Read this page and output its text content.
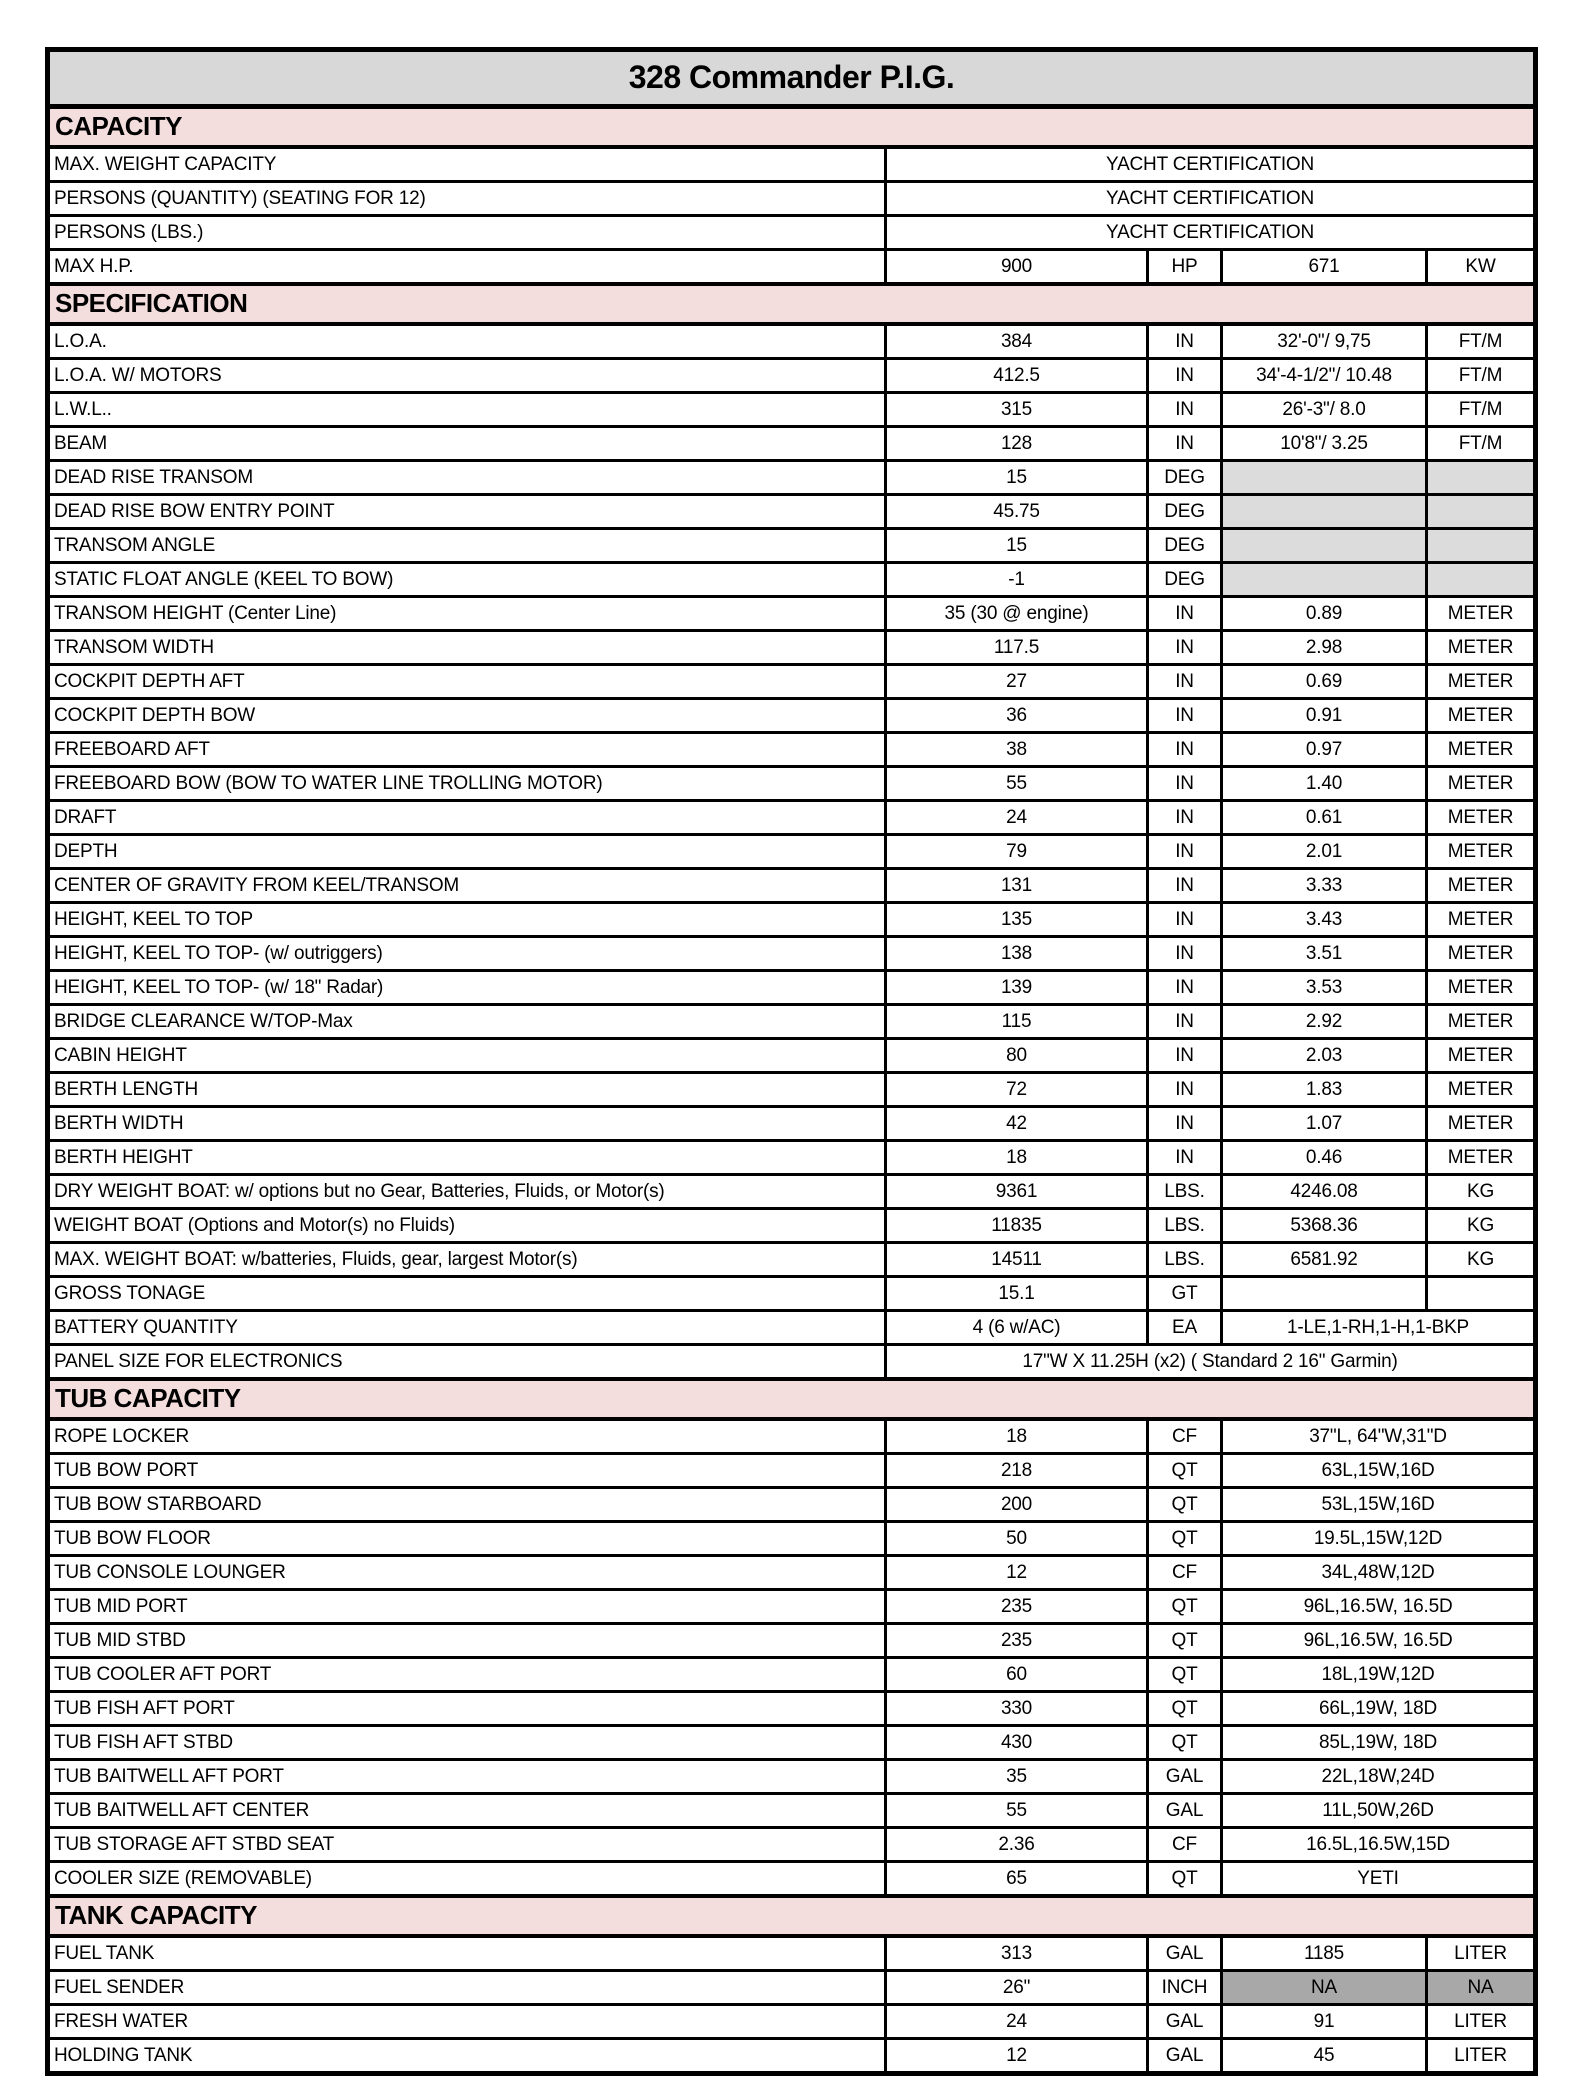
328 Commander P.I.G.				
CAPACITY				
MAX. WEIGHT CAPACITY	YACHT CERTIFICATION			
PERSONS (QUANTITY) (SEATING FOR 12)	YACHT CERTIFICATION			
PERSONS (LBS.)	YACHT CERTIFICATION			
MAX H.P.	900	HP	671	KW
SPECIFICATION				
L.O.A.	384	IN	32'-0"/ 9,75	FT/M
L.O.A. W/ MOTORS	412.5	IN	34'-4-1/2"/ 10.48	FT/M
L.W.L..	315	IN	26'-3"/ 8.0	FT/M
BEAM	128	IN	10'8"/ 3.25	FT/M
DEAD RISE TRANSOM	15	DEG		
DEAD RISE BOW ENTRY POINT	45.75	DEG		
TRANSOM ANGLE	15	DEG		
STATIC FLOAT ANGLE (KEEL TO BOW)	-1	DEG		
TRANSOM HEIGHT (Center Line)	35 (30 @ engine)	IN	0.89	METER
TRANSOM WIDTH	117.5	IN	2.98	METER
COCKPIT DEPTH AFT	27	IN	0.69	METER
COCKPIT DEPTH BOW	36	IN	0.91	METER
FREEBOARD AFT	38	IN	0.97	METER
FREEBOARD BOW (BOW TO WATER LINE TROLLING MOTOR)	55	IN	1.40	METER
DRAFT	24	IN	0.61	METER
DEPTH	79	IN	2.01	METER
CENTER OF GRAVITY FROM KEEL/TRANSOM	131	IN	3.33	METER
HEIGHT, KEEL TO TOP	135	IN	3.43	METER
HEIGHT, KEEL TO TOP- (w/ outriggers)	138	IN	3.51	METER
HEIGHT, KEEL TO TOP- (w/ 18" Radar)	139	IN	3.53	METER
BRIDGE CLEARANCE W/TOP-Max	115	IN	2.92	METER
CABIN HEIGHT	80	IN	2.03	METER
BERTH LENGTH	72	IN	1.83	METER
BERTH WIDTH	42	IN	1.07	METER
BERTH HEIGHT	18	IN	0.46	METER
DRY WEIGHT BOAT: w/ options but no Gear, Batteries, Fluids, or Motor(s)	9361	LBS.	4246.08	KG
WEIGHT BOAT (Options and Motor(s) no Fluids)	11835	LBS.	5368.36	KG
MAX. WEIGHT BOAT: w/batteries, Fluids, gear, largest Motor(s)	14511	LBS.	6581.92	KG
GROSS TONAGE	15.1	GT		
BATTERY QUANTITY	4 (6 w/AC)	EA	1-LE,1-RH,1-H,1-BKP	
PANEL SIZE FOR ELECTRONICS	17"W X 11.25H (x2) ( Standard 2 16" Garmin)			
TUB CAPACITY				
ROPE LOCKER	18	CF	37"L, 64"W,31"D	
TUB BOW PORT	218	QT	63L,15W,16D	
TUB BOW STARBOARD	200	QT	53L,15W,16D	
TUB BOW FLOOR	50	QT	19.5L,15W,12D	
TUB CONSOLE LOUNGER	12	CF	34L,48W,12D	
TUB MID PORT	235	QT	96L,16.5W, 16.5D	
TUB MID STBD	235	QT	96L,16.5W, 16.5D	
TUB COOLER AFT PORT	60	QT	18L,19W,12D	
TUB FISH AFT PORT	330	QT	66L,19W, 18D	
TUB FISH AFT STBD	430	QT	85L,19W, 18D	
TUB BAITWELL AFT PORT	35	GAL	22L,18W,24D	
TUB BAITWELL AFT CENTER	55	GAL	11L,50W,26D	
TUB STORAGE AFT STBD SEAT	2.36	CF	16.5L,16.5W,15D	
COOLER SIZE (REMOVABLE)	65	QT	YETI	
TANK CAPACITY				
FUEL TANK	313	GAL	1185	LITER
FUEL SENDER	26"	INCH	NA	NA
FRESH WATER	24	GAL	91	LITER
HOLDING TANK	12	GAL	45	LITER
